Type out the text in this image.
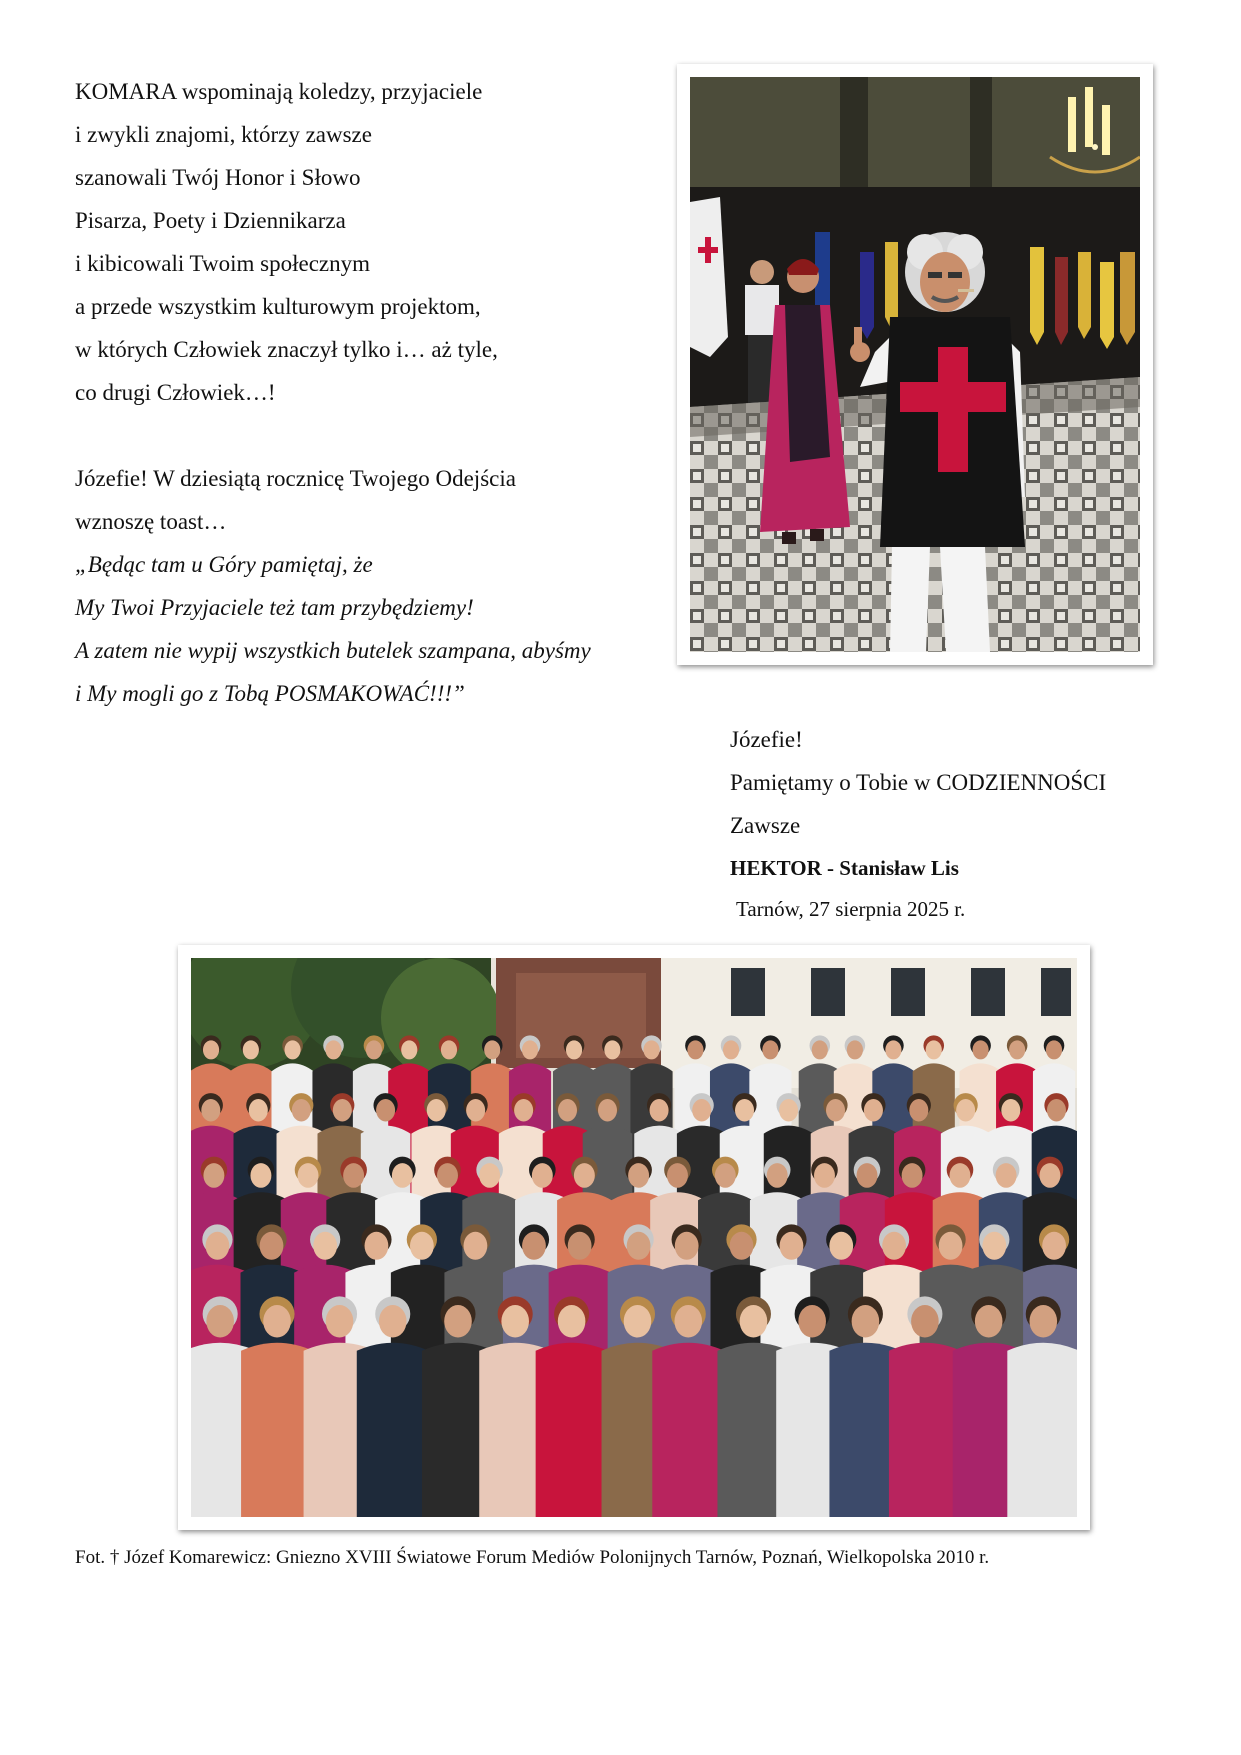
KOMARA wspominają koledzy, przyjaciele
i zwykli znajomi, którzy zawsze
szanowali Twój Honor i Słowo
Pisarza, Poety i Dziennikarza
i kibicowali Twoim społecznym
a przede wszystkim kulturowym projektom,
w których Człowiek znaczył tylko i… aż tyle,
co drugi Człowiek…!
Józefie! W dziesiątą rocznicę Twojego Odejścia
wznoszę toast…
„Będąc tam u Góry pamiętaj, że
My Twoi Przyjaciele też tam przybędziemy!
A zatem nie wypij wszystkich butelek szampana, abyśmy
i My mogli go z Tobą POSMAKOWAĆ!!!”
Józefie!
Pamiętamy o Tobie w CODZIENNOŚCI
Zawsze
HEKTOR - Stanisław Lis
Tarnów, 27 sierpnia 2025 r.
Fot. † Józef Komarewicz: Gniezno XVIII Światowe Forum Mediów Polonijnych Tarnów, Poznań, Wielkopolska 2010 r.
